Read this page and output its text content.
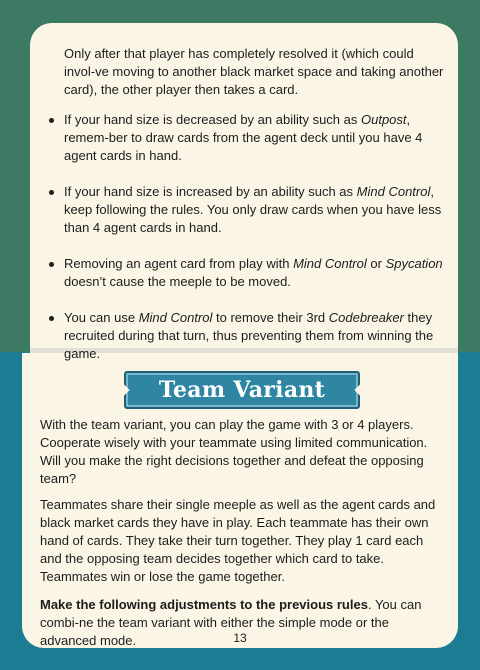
Only after that player has completely resolved it (which could invol-ve moving to another black market space and taking another card), the other player then takes a card.

If your hand size is decreased by an ability such as Outpost, remem-ber to draw cards from the agent deck until you have 4 agent cards in hand.
If your hand size is increased by an ability such as Mind Control, keep following the rules. You only draw cards when you have less than 4 agent cards in hand.
Removing an agent card from play with Mind Control or Spycation doesn’t cause the meeple to be moved.
You can use Mind Control to remove their 3rd Codebreaker they recruited during that turn, thus preventing them from winning the game.
Team Variant

With the team variant, you can play the game with 3 or 4 players. Cooperate wisely with your teammate using limited communication. Will you make the right decisions together and defeat the opposing team?

Teammates share their single meeple as well as the agent cards and black market cards they have in play. Each teammate has their own hand of cards. They take their turn together. They play 1 card each and the opposing team decides together which card to take. Teammates win or lose the game together.

Make the following adjustments to the previous rules. You can combi-ne the team variant with either the simple mode or the advanced mode.	13
